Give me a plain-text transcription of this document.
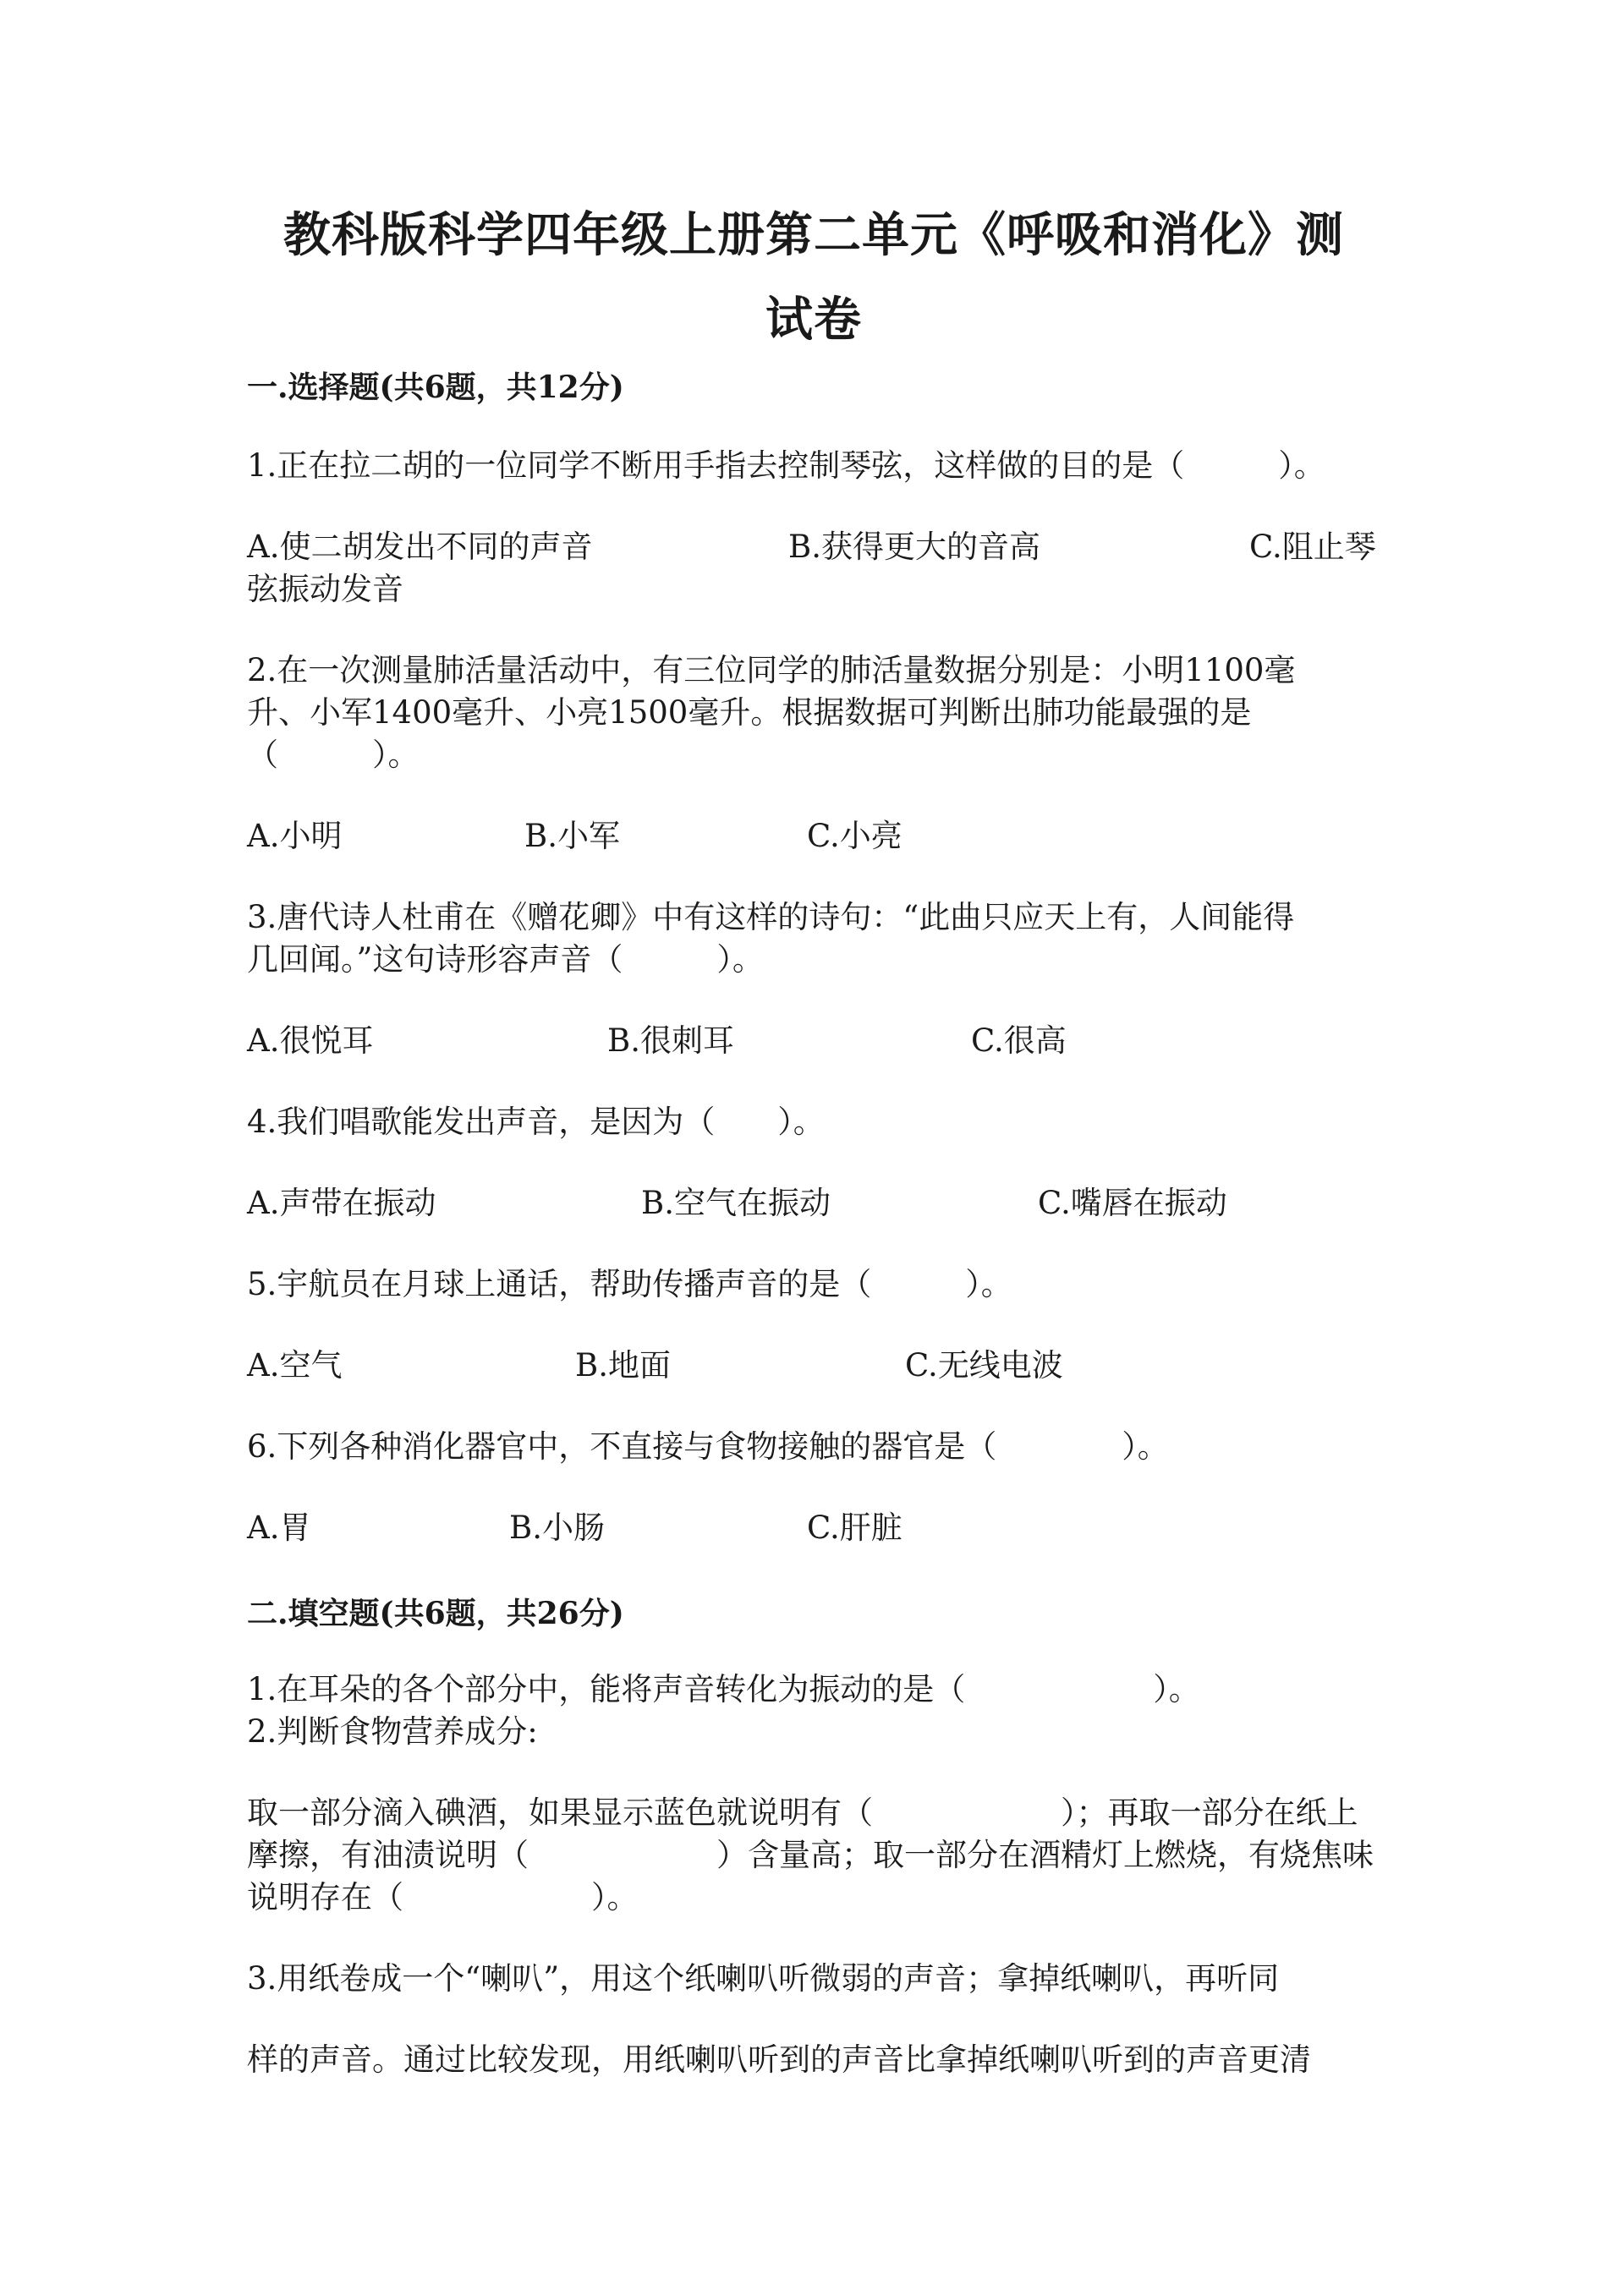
教科版科学四年级上册第二单元《呼吸和消化》测
试卷
一.选择题(共6题，共12分)
1.正在拉二胡的一位同学不断用手指去控制琴弦，这样做的目的是（　　　）。
A.使二胡发出不同的声音	B.获得更大的音高	C.阻止琴
弦振动发音
2.在一次测量肺活量活动中，有三位同学的肺活量数据分别是：小明1100毫
升、小军1400毫升、小亮1500毫升。根据数据可判断出肺功能最强的是
（　　　）。
A.小明	B.小军	C.小亮
3.唐代诗人杜甫在《赠花卿》中有这样的诗句：“此曲只应天上有，人间能得
几回闻。”这句诗形容声音（　　　）。
A.很悦耳	B.很刺耳	C.很高
4.我们唱歌能发出声音，是因为（　　）。
A.声带在振动	B.空气在振动	C.嘴唇在振动
5.宇航员在月球上通话，帮助传播声音的是（　　　）。
A.空气	B.地面	C.无线电波
6.下列各种消化器官中，不直接与食物接触的器官是（　　　　）。
A.胃	B.小肠	C.肝脏
二.填空题(共6题，共26分)
1.在耳朵的各个部分中，能将声音转化为振动的是（　　　　　　）。
2.判断食物营养成分:
取一部分滴入碘酒，如果显示蓝色就说明有（　　　　　　）；再取一部分在纸上
摩擦，有油渍说明（　　　　　　）含量高；取一部分在酒精灯上燃烧，有烧焦味
说明存在（　　　　　　）。
3.用纸卷成一个“喇叭”，用这个纸喇叭听微弱的声音；拿掉纸喇叭，再听同
样的声音。通过比较发现，用纸喇叭听到的声音比拿掉纸喇叭听到的声音更清
